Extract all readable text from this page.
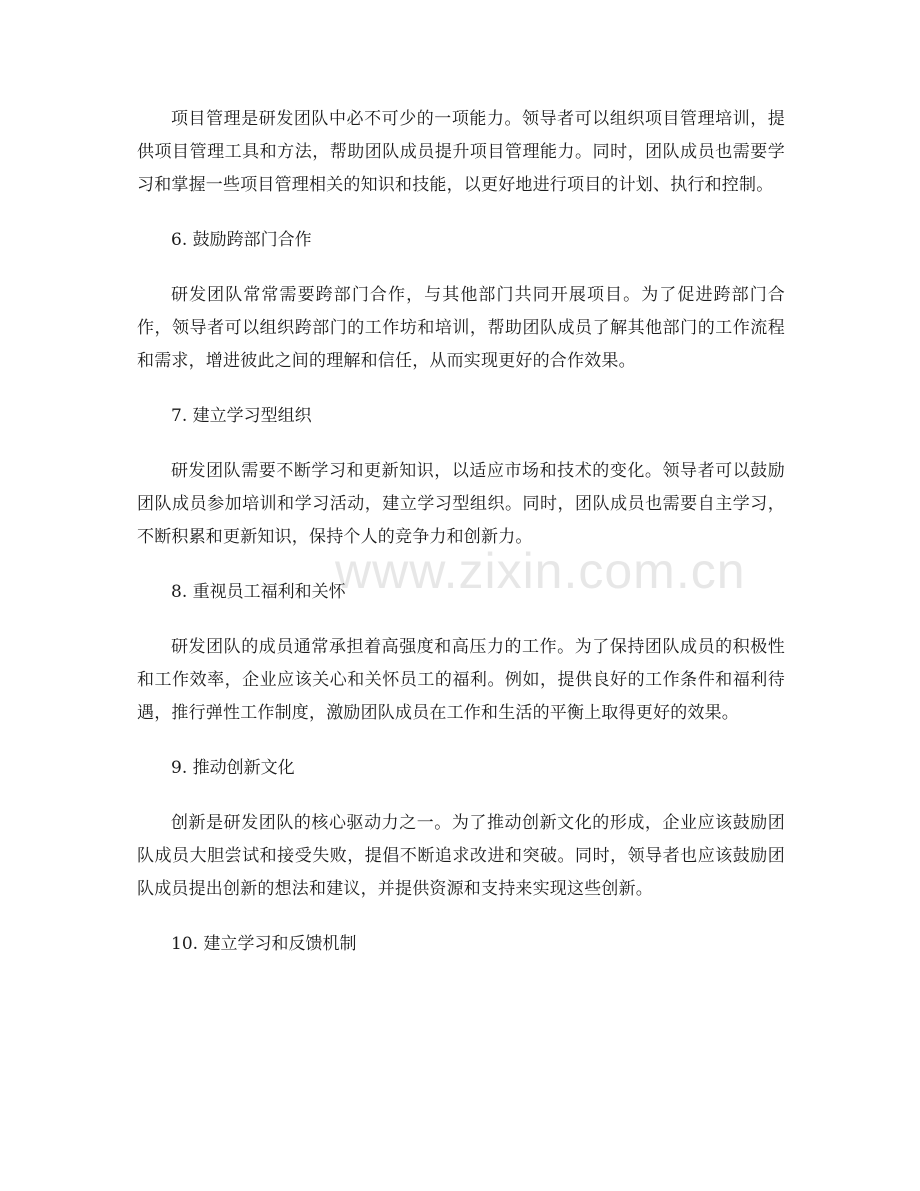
项目管理是研发团队中必不可少的一项能力。领导者可以组织项目管理培训，提供项目管理工具和方法，帮助团队成员提升项目管理能力。同时，团队成员也需要学习和掌握一些项目管理相关的知识和技能，以更好地进行项目的计划、执行和控制。

6. 鼓励跨部门合作

研发团队常常需要跨部门合作，与其他部门共同开展项目。为了促进跨部门合作，领导者可以组织跨部门的工作坊和培训，帮助团队成员了解其他部门的工作流程和需求，增进彼此之间的理解和信任，从而实现更好的合作效果。

7. 建立学习型组织

研发团队需要不断学习和更新知识，以适应市场和技术的变化。领导者可以鼓励团队成员参加培训和学习活动，建立学习型组织。同时，团队成员也需要自主学习，不断积累和更新知识，保持个人的竞争力和创新力。

8. 重视员工福利和关怀

研发团队的成员通常承担着高强度和高压力的工作。为了保持团队成员的积极性和工作效率，企业应该关心和关怀员工的福利。例如，提供良好的工作条件和福利待遇，推行弹性工作制度，激励团队成员在工作和生活的平衡上取得更好的效果。

9. 推动创新文化

创新是研发团队的核心驱动力之一。为了推动创新文化的形成，企业应该鼓励团队成员大胆尝试和接受失败，提倡不断追求改进和突破。同时，领导者也应该鼓励团队成员提出创新的想法和建议，并提供资源和支持来实现这些创新。

10. 建立学习和反馈机制

www.zixin.com.cn
